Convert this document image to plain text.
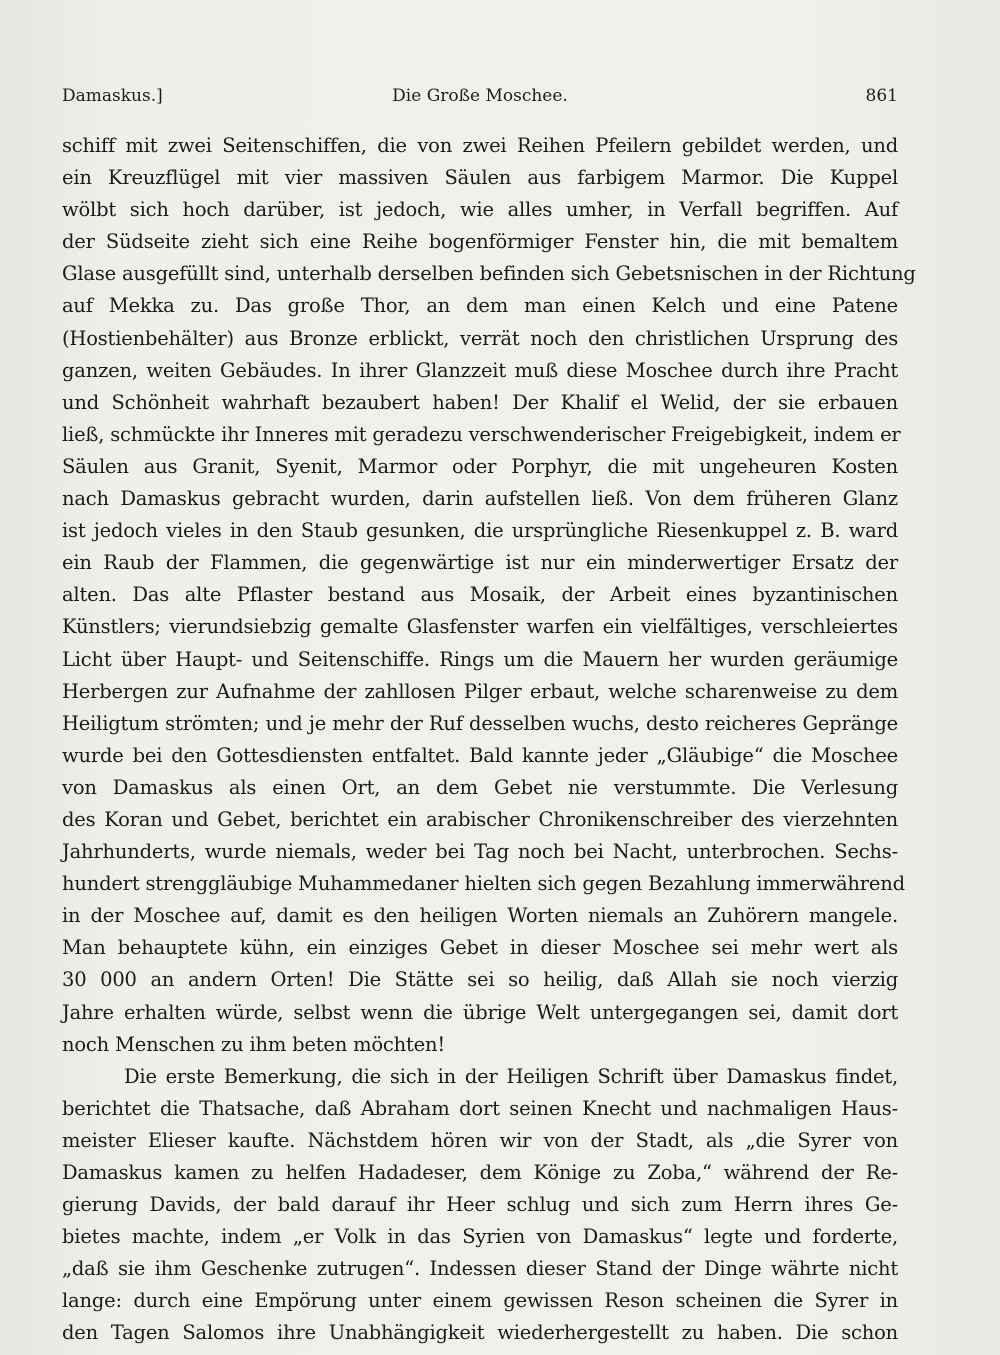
Damaskus.]	Die Große Moschee.	861
schiff mit zwei Seitenschiffen, die von zwei Reihen Pfeilern gebildet werden, und
ein Kreuzflügel mit vier massiven Säulen aus farbigem Marmor. Die Kuppel
wölbt sich hoch darüber, ist jedoch, wie alles umher, in Verfall begriffen. Auf
der Südseite zieht sich eine Reihe bogenförmiger Fenster hin, die mit bemaltem
Glase ausgefüllt sind, unterhalb derselben befinden sich Gebetsnischen in der Richtung
auf Mekka zu. Das große Thor, an dem man einen Kelch und eine Patene
(Hostienbehälter) aus Bronze erblickt, verrät noch den christlichen Ursprung des
ganzen, weiten Gebäudes. In ihrer Glanzzeit muß diese Moschee durch ihre Pracht
und Schönheit wahrhaft bezaubert haben! Der Khalif el Welid, der sie erbauen
ließ, schmückte ihr Inneres mit geradezu verschwenderischer Freigebigkeit, indem er
Säulen aus Granit, Syenit, Marmor oder Porphyr, die mit ungeheuren Kosten
nach Damaskus gebracht wurden, darin aufstellen ließ. Von dem früheren Glanz
ist jedoch vieles in den Staub gesunken, die ursprüngliche Riesenkuppel z. B. ward
ein Raub der Flammen, die gegenwärtige ist nur ein minderwertiger Ersatz der
alten. Das alte Pflaster bestand aus Mosaik, der Arbeit eines byzantinischen
Künstlers; vierundsiebzig gemalte Glasfenster warfen ein vielfältiges, verschleiertes
Licht über Haupt- und Seitenschiffe. Rings um die Mauern her wurden geräumige
Herbergen zur Aufnahme der zahllosen Pilger erbaut, welche scharenweise zu dem
Heiligtum strömten; und je mehr der Ruf desselben wuchs, desto reicheres Gepränge
wurde bei den Gottesdiensten entfaltet. Bald kannte jeder „Gläubige“ die Moschee
von Damaskus als einen Ort, an dem Gebet nie verstummte. Die Verlesung
des Koran und Gebet, berichtet ein arabischer Chronikenschreiber des vierzehnten
Jahrhunderts, wurde niemals, weder bei Tag noch bei Nacht, unterbrochen. Sechs-
hundert strenggläubige Muhammedaner hielten sich gegen Bezahlung immerwährend
in der Moschee auf, damit es den heiligen Worten niemals an Zuhörern mangele.
Man behauptete kühn, ein einziges Gebet in dieser Moschee sei mehr wert als
30 000 an andern Orten! Die Stätte sei so heilig, daß Allah sie noch vierzig
Jahre erhalten würde, selbst wenn die übrige Welt untergegangen sei, damit dort
noch Menschen zu ihm beten möchten!
Die erste Bemerkung, die sich in der Heiligen Schrift über Damaskus findet,
berichtet die Thatsache, daß Abraham dort seinen Knecht und nachmaligen Haus-
meister Elieser kaufte. Nächstdem hören wir von der Stadt, als „die Syrer von
Damaskus kamen zu helfen Hadadeser, dem Könige zu Zoba,“ während der Re-
gierung Davids, der bald darauf ihr Heer schlug und sich zum Herrn ihres Ge-
bietes machte, indem „er Volk in das Syrien von Damaskus“ legte und forderte,
„daß sie ihm Geschenke zutrugen“. Indessen dieser Stand der Dinge währte nicht
lange: durch eine Empörung unter einem gewissen Reson scheinen die Syrer in
den Tagen Salomos ihre Unabhängigkeit wiederhergestellt zu haben. Die schon
